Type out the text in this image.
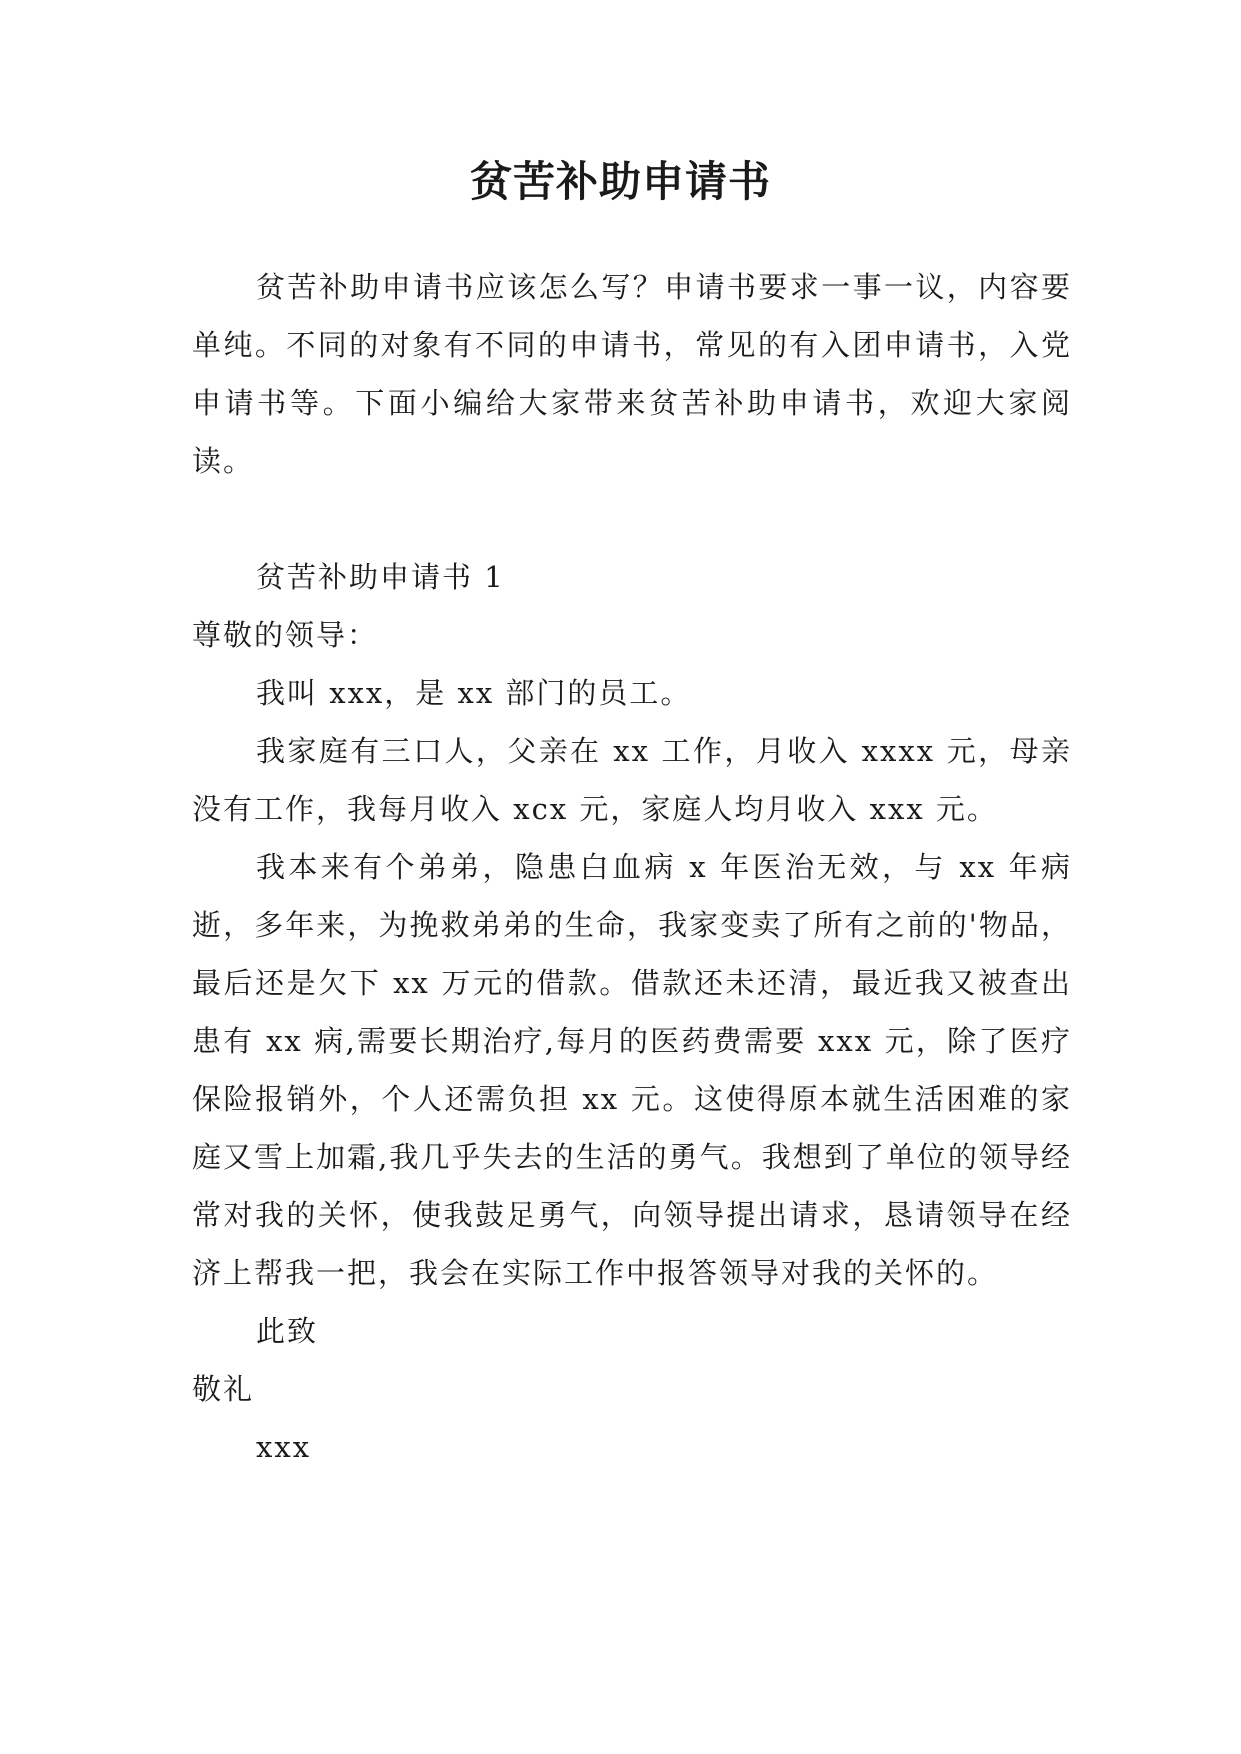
贫苦补助申请书

贫苦补助申请书应该怎么写？申请书要求一事一议，内容要单纯。不同的对象有不同的申请书，常见的有入团申请书，入党申请书等。下面小编给大家带来贫苦补助申请书，欢迎大家阅读。

贫苦补助申请书 1

尊敬的领导：

我叫 xxx，是 xx 部门的员工。

我家庭有三口人，父亲在 xx 工作，月收入 xxxx 元，母亲没有工作，我每月收入 xcx 元，家庭人均月收入 xxx 元。

我本来有个弟弟，隐患白血病 x 年医治无效，与 xx 年病逝，多年来，为挽救弟弟的生命，我家变卖了所有之前的'物品，最后还是欠下 xx 万元的借款。借款还未还清，最近我又被查出患有 xx 病,需要长期治疗,每月的医药费需要 xxx 元，除了医疗保险报销外，个人还需负担 xx 元。这使得原本就生活困难的家庭又雪上加霜,我几乎失去的生活的勇气。我想到了单位的领导经常对我的关怀，使我鼓足勇气，向领导提出请求，恳请领导在经济上帮我一把，我会在实际工作中报答领导对我的关怀的。

此致

敬礼

xxx
